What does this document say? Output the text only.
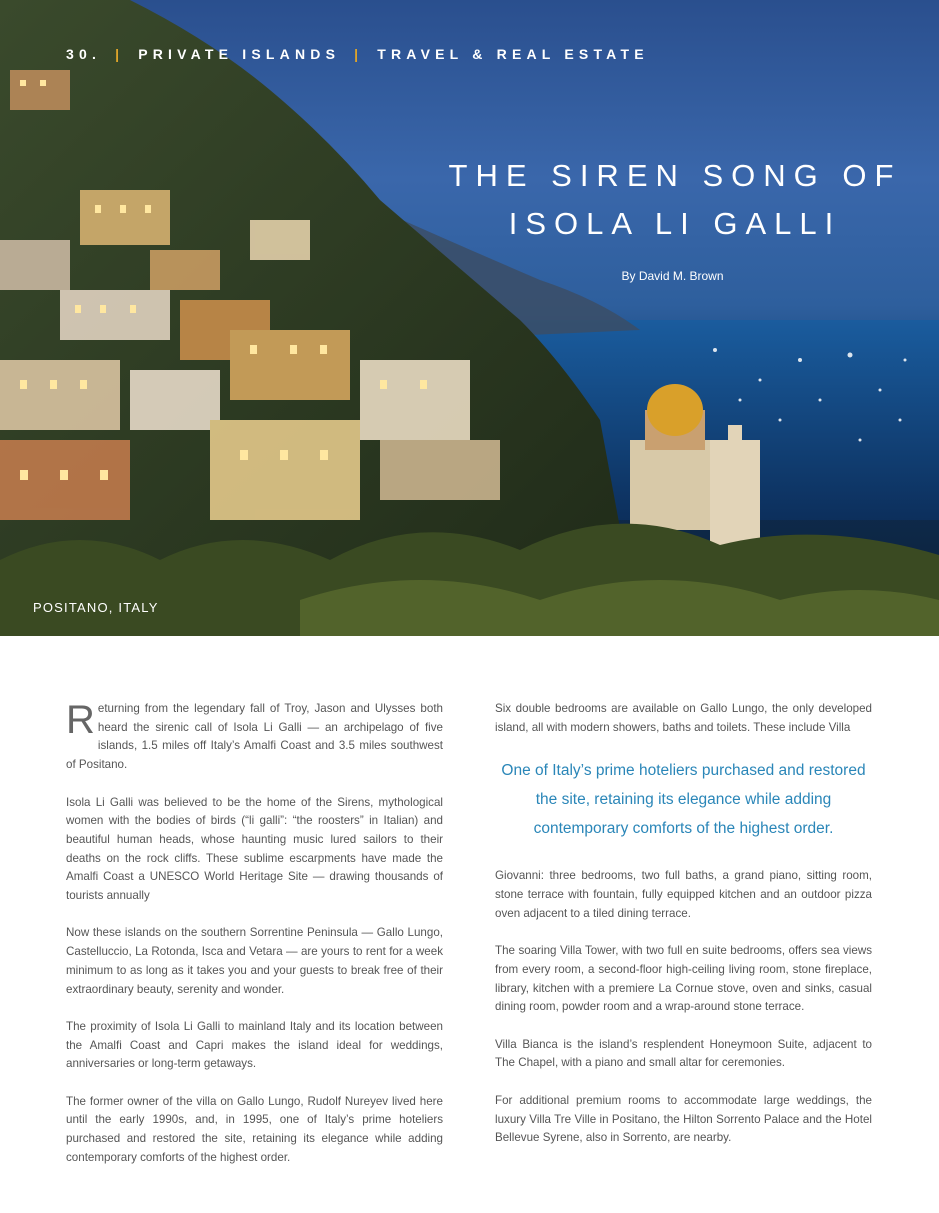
30. | PRIVATE ISLANDS | TRAVEL & REAL ESTATE
THE SIREN SONG OF
ISOLA LI GALLI
By David M. Brown
POSITANO, ITALY

Returning from the legendary fall of Troy, Jason and Ulysses both heard the sirenic call of Isola Li Galli — an archipelago of five islands, 1.5 miles off Italy’s Amalfi Coast and 3.5 miles southwest of Positano.

Isola Li Galli was believed to be the home of the Sirens, mythological women with the bodies of birds (“li galli”: “the roosters” in Italian) and beautiful human heads, whose haunting music lured sailors to their deaths on the rock cliffs. These sublime escarpments have made the Amalfi Coast a UNESCO World Heritage Site — drawing thousands of tourists annually

Now these islands on the southern Sorrentine Peninsula — Gallo Lungo, Castelluccio, La Rotonda, Isca and Vetara — are yours to rent for a week minimum to as long as it takes you and your guests to break free of their extraordinary beauty, serenity and wonder.

The proximity of Isola Li Galli to mainland Italy and its location between the Amalfi Coast and Capri makes the island ideal for weddings, anniversaries or long-term getaways.

The former owner of the villa on Gallo Lungo, Rudolf Nureyev lived here until the early 1990s, and, in 1995, one of Italy’s prime hoteliers purchased and restored the site, retaining its elegance while adding contemporary comforts of the highest order.

Six double bedrooms are available on Gallo Lungo, the only developed island, all with modern showers, baths and toilets. These include Villa

One of Italy’s prime hoteliers purchased and restored the site, retaining its elegance while adding contemporary comforts of the highest order.

Giovanni: three bedrooms, two full baths, a grand piano, sitting room, stone terrace with fountain, fully equipped kitchen and an outdoor pizza oven adjacent to a tiled dining terrace.

The soaring Villa Tower, with two full en suite bedrooms, offers sea views from every room, a second-floor high-ceiling living room, stone fireplace, library, kitchen with a premiere La Cornue stove, oven and sinks, casual dining room, powder room and a wrap-around stone terrace.

Villa Bianca is the island’s resplendent Honeymoon Suite, adjacent to The Chapel, with a piano and small altar for ceremonies.

For additional premium rooms to accommodate large weddings, the luxury Villa Tre Ville in Positano, the Hilton Sorrento Palace and the Hotel Bellevue Syrene, also in Sorrento, are nearby.
